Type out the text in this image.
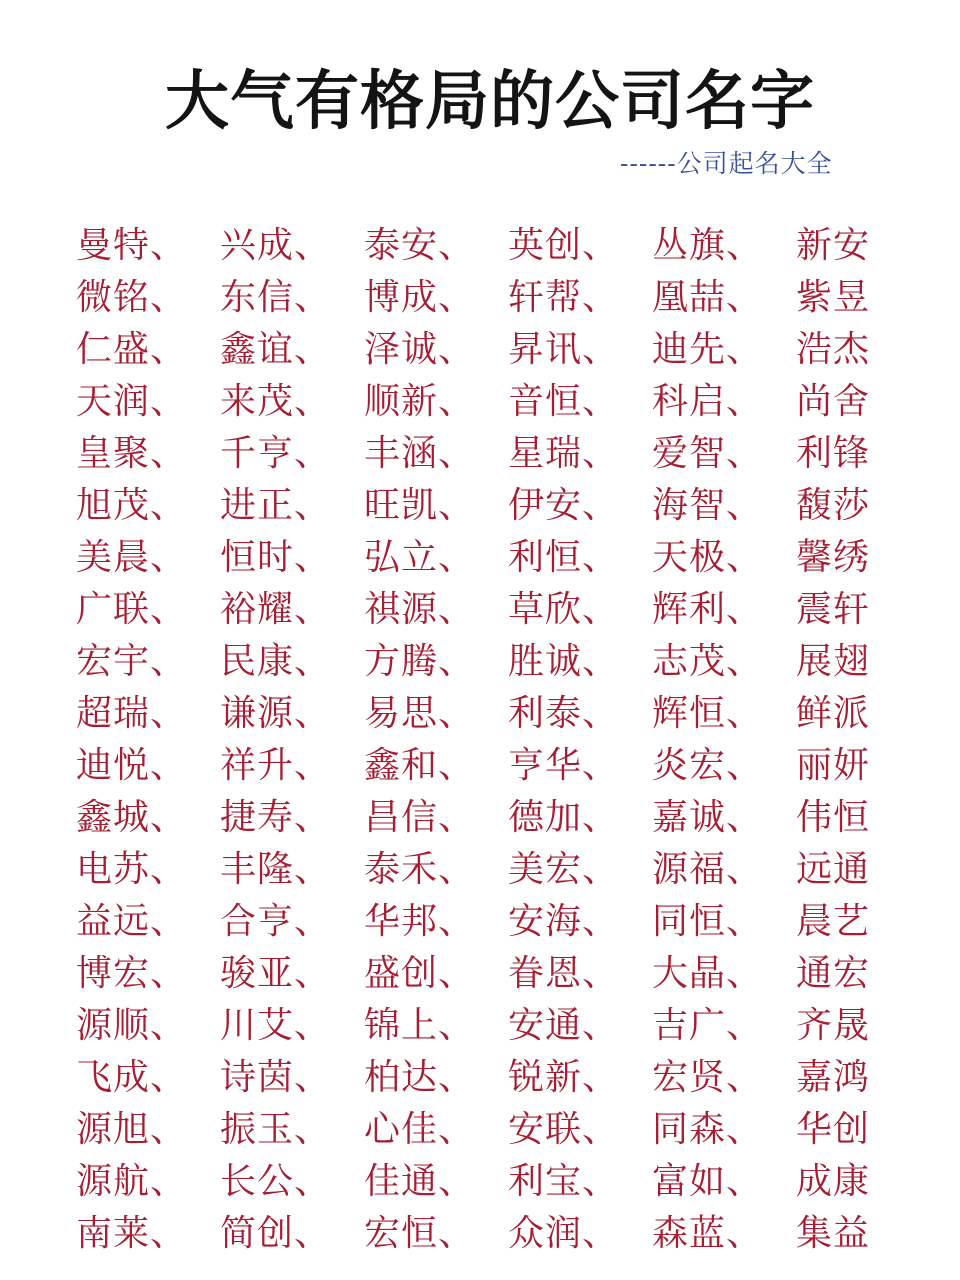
大气有格局的公司名字
------公司起名大全
曼特、 兴成、 泰安、 英创、 丛旗、 新安
微铭、 东信、 博成、 轩帮、 凰喆、 紫昱
仁盛、 鑫谊、 泽诚、 昇讯、 迪先、 浩杰
天润、 来茂、 顺新、 音恒、 科启、 尚舍
皇聚、 千亨、 丰涵、 星瑞、 爱智、 利锋
旭茂、 进正、 旺凯、 伊安、 海智、 馥莎
美晨、 恒时、 弘立、 利恒、 天极、 馨绣
广联、 裕耀、 祺源、 草欣、 辉利、 震轩
宏宇、 民康、 方腾、 胜诚、 志茂、 展翅
超瑞、 谦源、 易思、 利泰、 辉恒、 鲜派
迪悦、 祥升、 鑫和、 亨华、 炎宏、 丽妍
鑫城、 捷寿、 昌信、 德加、 嘉诚、 伟恒
电苏、 丰隆、 泰禾、 美宏、 源福、 远通
益远、 合亨、 华邦、 安海、 同恒、 晨艺
博宏、 骏亚、 盛创、 眷恩、 大晶、 通宏
源顺、 川艾、 锦上、 安通、 吉广、 齐晟
飞成、 诗茵、 柏达、 锐新、 宏贤、 嘉鸿
源旭、 振玉、 心佳、 安联、 同森、 华创
源航、 长公、 佳通、 利宝、 富如、 成康
南莱、 简创、 宏恒、 众润、 森蓝、 集益
